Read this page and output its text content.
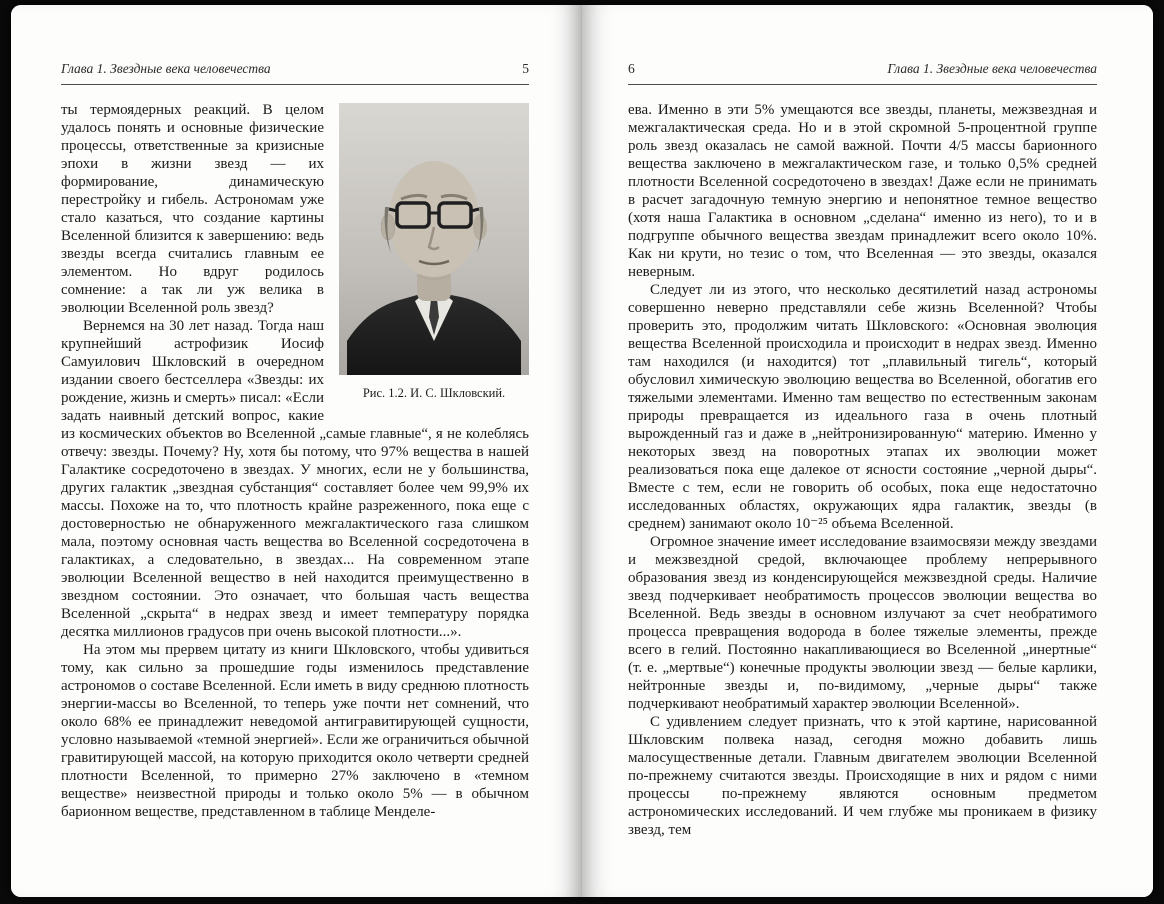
Глава 1. Звездные века человечества	5
Рис. 1.2. И. С. Шкловский.

ты термоядерных реакций. В целом удалось понять и основные физические процессы, ответственные за кризисные эпохи в жизни звезд — их формирование, динамическую перестройку и гибель. Астрономам уже стало казаться, что создание картины Вселенной близится к завершению: ведь звезды всегда считались главным ее элементом. Но вдруг родилось сомнение: а так ли уж велика в эволюции Вселенной роль звезд?

Вернемся на 30 лет назад. Тогда наш крупнейший астрофизик Иосиф Самуилович Шкловский в очередном издании своего бестселлера «Звезды: их рождение, жизнь и смерть» писал: «Если задать наивный детский вопрос, какие из космических объектов во Вселенной „самые главные“, я не колеблясь отвечу: звезды. Почему? Ну, хотя бы потому, что 97% вещества в нашей Галактике сосредоточено в звездах. У многих, если не у большинства, других галактик „звездная субстанция“ составляет более чем 99,9% их массы. Похоже на то, что плотность крайне разреженного, пока еще с достоверностью не обнаруженного межгалактического газа слишком мала, поэтому основная часть вещества во Вселенной сосредоточена в галактиках, а следовательно, в звездах... На современном этапе эволюции Вселенной вещество в ней находится преимущественно в звездном состоянии. Это означает, что большая часть вещества Вселенной „скрыта“ в недрах звезд и имеет температуру порядка десятка миллионов градусов при очень высокой плотности...».

На этом мы прервем цитату из книги Шкловского, чтобы удивиться тому, как сильно за прошедшие годы изменилось представление астрономов о составе Вселенной. Если иметь в виду среднюю плотность энергии-массы во Вселенной, то теперь уже почти нет сомнений, что около 68% ее принадлежит неведомой антигравитирующей сущности, условно называемой «темной энергией». Если же ограничиться обычной гравитирующей массой, на которую приходится около четверти средней плотности Вселенной, то примерно 27% заключено в «темном веществе» неизвестной природы и только около 5% — в обычном барионном веществе, представленном в таблице Менделе-

6	Глава 1. Звездные века человечества

ева. Именно в эти 5% умещаются все звезды, планеты, межзвездная и межгалактическая среда. Но и в этой скромной 5-процентной группе роль звезд оказалась не самой важной. Почти 4/5 массы барионного вещества заключено в межгалактическом газе, и только 0,5% средней плотности Вселенной сосредоточено в звездах! Даже если не принимать в расчет загадочную темную энергию и непонятное темное вещество (хотя наша Галактика в основном „сделана“ именно из него), то и в подгруппе обычного вещества звездам принадлежит всего около 10%. Как ни крути, но тезис о том, что Вселенная — это звезды, оказался неверным.

Следует ли из этого, что несколько десятилетий назад астрономы совершенно неверно представляли себе жизнь Вселенной? Чтобы проверить это, продолжим читать Шкловского: «Основная эволюция вещества Вселенной происходила и происходит в недрах звезд. Именно там находился (и находится) тот „плавильный тигель“, который обусловил химическую эволюцию вещества во Вселенной, обогатив его тяжелыми элементами. Именно там вещество по естественным законам природы превращается из идеального газа в очень плотный вырожденный газ и даже в „нейтронизированную“ материю. Именно у некоторых звезд на поворотных этапах их эволюции может реализоваться пока еще далекое от ясности состояние „черной дыры“. Вместе с тем, если не говорить об особых, пока еще недостаточно исследованных областях, окружающих ядра галактик, звезды (в среднем) занимают около 10⁻²⁵ объема Вселенной.

Огромное значение имеет исследование взаимосвязи между звездами и межзвездной средой, включающее проблему непрерывного образования звезд из конденсирующейся межзвездной среды. Наличие звезд подчеркивает необратимость процессов эволюции вещества во Вселенной. Ведь звезды в основном излучают за счет необратимого процесса превращения водорода в более тяжелые элементы, прежде всего в гелий. Постоянно накапливающиеся во Вселенной „инертные“ (т. е. „мертвые“) конечные продукты эволюции звезд — белые карлики, нейтронные звезды и, по-видимому, „черные дыры“ также подчеркивают необратимый характер эволюции Вселенной».

С удивлением следует признать, что к этой картине, нарисованной Шкловским полвека назад, сегодня можно добавить лишь малосущественные детали. Главным двигателем эволюции Вселенной по-прежнему считаются звезды. Происходящие в них и рядом с ними процессы по-прежнему являются основным предметом астрономических исследований. И чем глубже мы проникаем в физику звезд, тем
